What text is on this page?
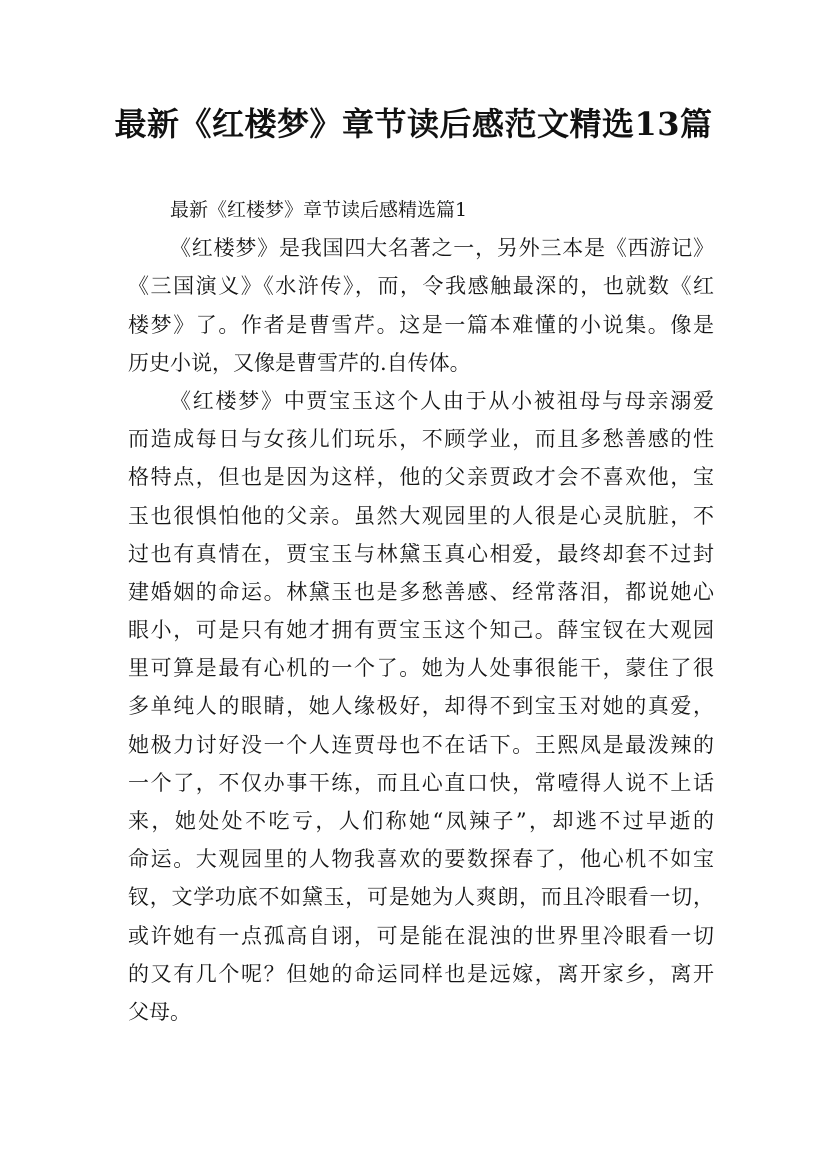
最新《红楼梦》章节读后感范文精选13篇
最新《红楼梦》章节读后感精选篇1
《红楼梦》是我国四大名著之一，另外三本是《西游记》
《三国演义》《水浒传》，而，令我感触最深的，也就数《红
楼梦》了。作者是曹雪芹。这是一篇本难懂的小说集。像是
历史小说，又像是曹雪芹的.自传体。
《红楼梦》中贾宝玉这个人由于从小被祖母与母亲溺爱
而造成每日与女孩儿们玩乐，不顾学业，而且多愁善感的性
格特点，但也是因为这样，他的父亲贾政才会不喜欢他，宝
玉也很惧怕他的父亲。虽然大观园里的人很是心灵肮脏，不
过也有真情在，贾宝玉与林黛玉真心相爱，最终却套不过封
建婚姻的命运。林黛玉也是多愁善感、经常落泪，都说她心
眼小，可是只有她才拥有贾宝玉这个知己。薛宝钗在大观园
里可算是最有心机的一个了。她为人处事很能干，蒙住了很
多单纯人的眼睛，她人缘极好，却得不到宝玉对她的真爱，
她极力讨好没一个人连贾母也不在话下。王熙凤是最泼辣的
一个了，不仅办事干练，而且心直口快，常噎得人说不上话
来，她处处不吃亏，人们称她“凤辣子”，却逃不过早逝的
命运。大观园里的人物我喜欢的要数探春了，他心机不如宝
钗，文学功底不如黛玉，可是她为人爽朗，而且冷眼看一切，
或许她有一点孤高自诩，可是能在混浊的世界里冷眼看一切
的又有几个呢？但她的命运同样也是远嫁，离开家乡，离开
父母。
